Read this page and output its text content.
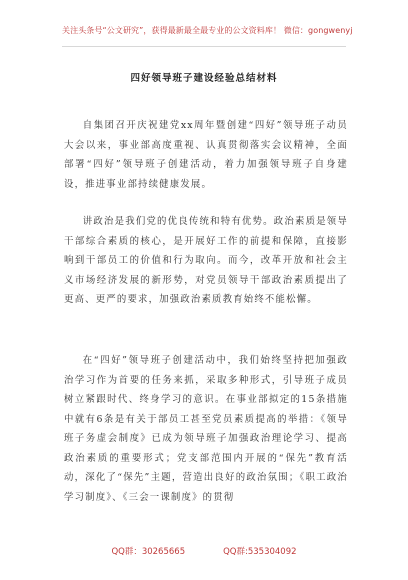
关注头条号“公文研究”，获得最新最全最专业的公文资料库！ 微信：gongwenyj
四好领导班子建设经验总结材料

自集团召开庆祝建党xx周年暨创建“四好”领导班子动员大会以来，事业部高度重视、认真贯彻落实会议精神，全面部署“四好”领导班子创建活动，着力加强领导班子自身建设，推进事业部持续健康发展。

讲政治是我们党的优良传统和特有优势。政治素质是领导干部综合素质的核心，是开展好工作的前提和保障，直接影响到干部员工的价值和行为取向。而今，改革开放和社会主义市场经济发展的新形势，对党员领导干部政治素质提出了更高、更严的要求，加强政治素质教育始终不能松懈。

在“四好”领导班子创建活动中，我们始终坚持把加强政治学习作为首要的任务来抓，采取多种形式，引导班子成员树立紧跟时代、终身学习的意识。在事业部拟定的15条措施中就有6条是有关于部员工甚至党员素质提高的举措：《领导班子务虚会制度》已成为领导班子加强政治理论学习、提高政治素质的重要形式；党支部范围内开展的“保先”教育活动，深化了“保先”主题，营造出良好的政治氛围；《职工政治学习制度》、《三会一课制度》的贯彻

QQ群：30265665	QQ群:535304092
